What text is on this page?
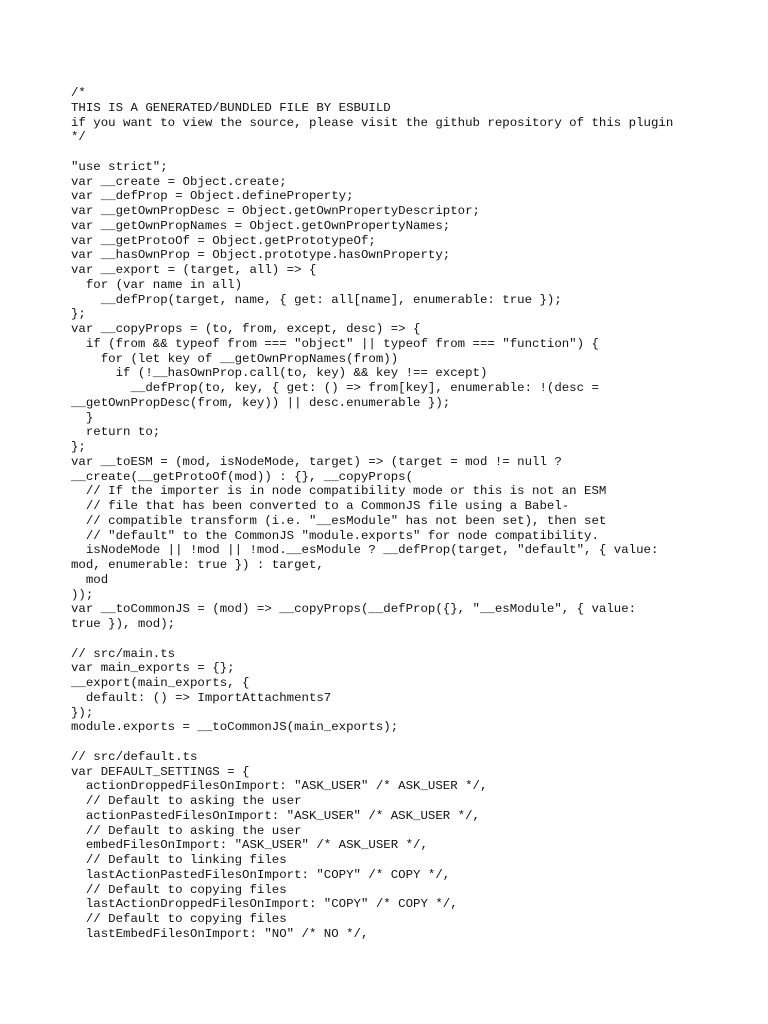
/*
THIS IS A GENERATED/BUNDLED FILE BY ESBUILD
if you want to view the source, please visit the github repository of this plugin
*/
"use strict";
var __create = Object.create;
var __defProp = Object.defineProperty;
var __getOwnPropDesc = Object.getOwnPropertyDescriptor;
var __getOwnPropNames = Object.getOwnPropertyNames;
var __getProtoOf = Object.getPrototypeOf;
var __hasOwnProp = Object.prototype.hasOwnProperty;
var __export = (target, all) => {
for (var name in all)
__defProp(target, name, { get: all[name], enumerable: true });
};
var __copyProps = (to, from, except, desc) => {
if (from && typeof from === "object" || typeof from === "function") {
for (let key of __getOwnPropNames(from))
if (!__hasOwnProp.call(to, key) && key !== except)
__defProp(to, key, { get: () => from[key], enumerable: !(desc =
__getOwnPropDesc(from, key)) || desc.enumerable });
}
return to;
};
var __toESM = (mod, isNodeMode, target) => (target = mod != null ?
__create(__getProtoOf(mod)) : {}, __copyProps(
// If the importer is in node compatibility mode or this is not an ESM
// file that has been converted to a CommonJS file using a Babel-
// compatible transform (i.e. "__esModule" has not been set), then set
// "default" to the CommonJS "module.exports" for node compatibility.
isNodeMode || !mod || !mod.__esModule ? __defProp(target, "default", { value:
mod, enumerable: true }) : target,
mod
));
var __toCommonJS = (mod) => __copyProps(__defProp({}, "__esModule", { value:
true }), mod);
// src/main.ts
var main_exports = {};
__export(main_exports, {
default: () => ImportAttachments7
});
module.exports = __toCommonJS(main_exports);
// src/default.ts
var DEFAULT_SETTINGS = {
actionDroppedFilesOnImport: "ASK_USER" /* ASK_USER */,
// Default to asking the user
actionPastedFilesOnImport: "ASK_USER" /* ASK_USER */,
// Default to asking the user
embedFilesOnImport: "ASK_USER" /* ASK_USER */,
// Default to linking files
lastActionPastedFilesOnImport: "COPY" /* COPY */,
// Default to copying files
lastActionDroppedFilesOnImport: "COPY" /* COPY */,
// Default to copying files
lastEmbedFilesOnImport: "NO" /* NO */,
